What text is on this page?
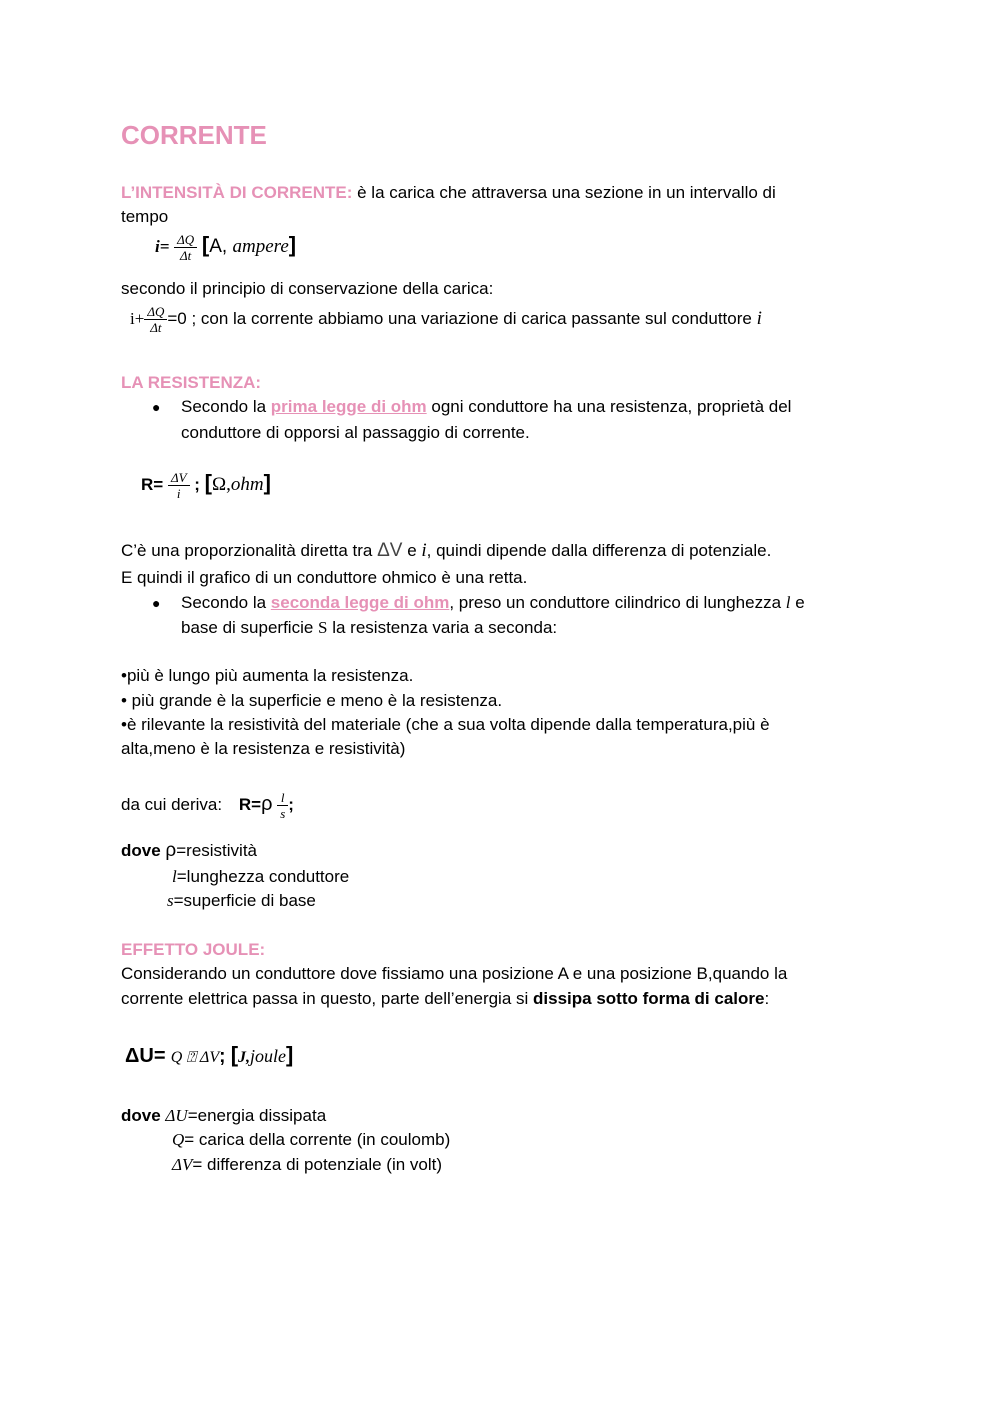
CORRENTE
L’INTENSITÀ DI CORRENTE: è la carica che attraversa una sezione in un intervallo di
tempo
$i= \frac{\Delta Q}{\Delta t} [A$, ampere]
secondo il principio di conservazione della carica:
$i+ \frac{\Delta Q}{\Delta t} =0$ ; con la corrente abbiamo una variazione di carica passante sul conduttore i
LA RESISTENZA:
● Secondo la prima legge di ohm ogni conduttore ha una resistenza, proprietà del
conduttore di opporsi al passaggio di corrente.
$R= \frac{\Delta V}{i}$ ; [Ω,ohm]
C’è una proporzionalità diretta tra ΔV e i, quindi dipende dalla differenza di potenziale.
E quindi il grafico di un conduttore ohmico è una retta.
● Secondo la seconda legge di ohm, preso un conduttore cilindrico di lunghezza l e
base di superficie S la resistenza varia a seconda:
•più è lungo più aumenta la resistenza.
• più grande è la superficie e meno è la resistenza.
•è rilevante la resistività del materiale (che a sua volta dipende dalla temperatura,più è
alta,meno è la resistenza e resistività)
da cui deriva: $R=\rho \frac{l}{s}$ ;
dove ρ=resistività
l=lunghezza conduttore
s=superficie di base
EFFETTO JOULE:
Considerando un conduttore dove fissiamo una posizione A e una posizione B,quando la
corrente elettrica passa in questo, parte dell’energia si dissipa sotto forma di calore:
ΔU= Q ⍰ ΔV; [J,joule]
dove ΔU=energia dissipata
Q= carica della corrente (in coulomb)
ΔV= differenza di potenziale (in volt)
